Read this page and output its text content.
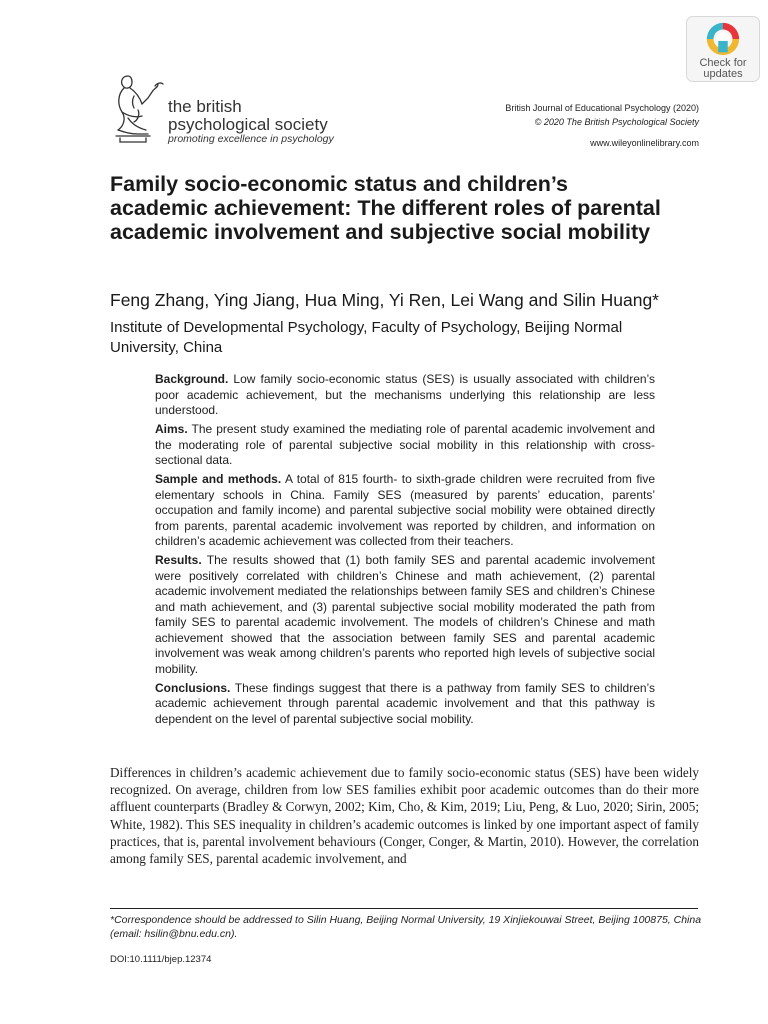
Check for
updates
the british
psychological society
promoting excellence in psychology
British Journal of Educational Psychology (2020)
© 2020 The British Psychological Society
www.wileyonlinelibrary.com
Family socio-economic status and children’s academic achievement: The different roles of parental academic involvement and subjective social mobility
Feng Zhang, Ying Jiang, Hua Ming, Yi Ren, Lei Wang and Silin Huang*
Institute of Developmental Psychology, Faculty of Psychology, Beijing Normal University, China

Background. Low family socio-economic status (SES) is usually associated with children’s poor academic achievement, but the mechanisms underlying this relationship are less understood.

Aims. The present study examined the mediating role of parental academic involvement and the moderating role of parental subjective social mobility in this relationship with cross-sectional data.

Sample and methods. A total of 815 fourth- to sixth-grade children were recruited from five elementary schools in China. Family SES (measured by parents’ education, parents’ occupation and family income) and parental subjective social mobility were obtained directly from parents, parental academic involvement was reported by children, and information on children’s academic achievement was collected from their teachers.

Results. The results showed that (1) both family SES and parental academic involvement were positively correlated with children’s Chinese and math achievement, (2) parental academic involvement mediated the relationships between family SES and children’s Chinese and math achievement, and (3) parental subjective social mobility moderated the path from family SES to parental academic involvement. The models of children’s Chinese and math achievement showed that the association between family SES and parental academic involvement was weak among children’s parents who reported high levels of subjective social mobility.

Conclusions. These findings suggest that there is a pathway from family SES to children’s academic achievement through parental academic involvement and that this pathway is dependent on the level of parental subjective social mobility.

Differences in children’s academic achievement due to family socio-economic status (SES) have been widely recognized. On average, children from low SES families exhibit poor academic outcomes than do their more affluent counterparts (Bradley & Corwyn, 2002; Kim, Cho, & Kim, 2019; Liu, Peng, & Luo, 2020; Sirin, 2005; White, 1982). This SES inequality in children’s academic outcomes is linked by one important aspect of family practices, that is, parental involvement behaviours (Conger, Conger, & Martin, 2010). However, the correlation among family SES, parental academic involvement, and

*Correspondence should be addressed to Silin Huang, Beijing Normal University, 19 Xinjiekouwai Street, Beijing 100875, China (email: hsilin@bnu.edu.cn).
DOI:10.1111/bjep.12374
